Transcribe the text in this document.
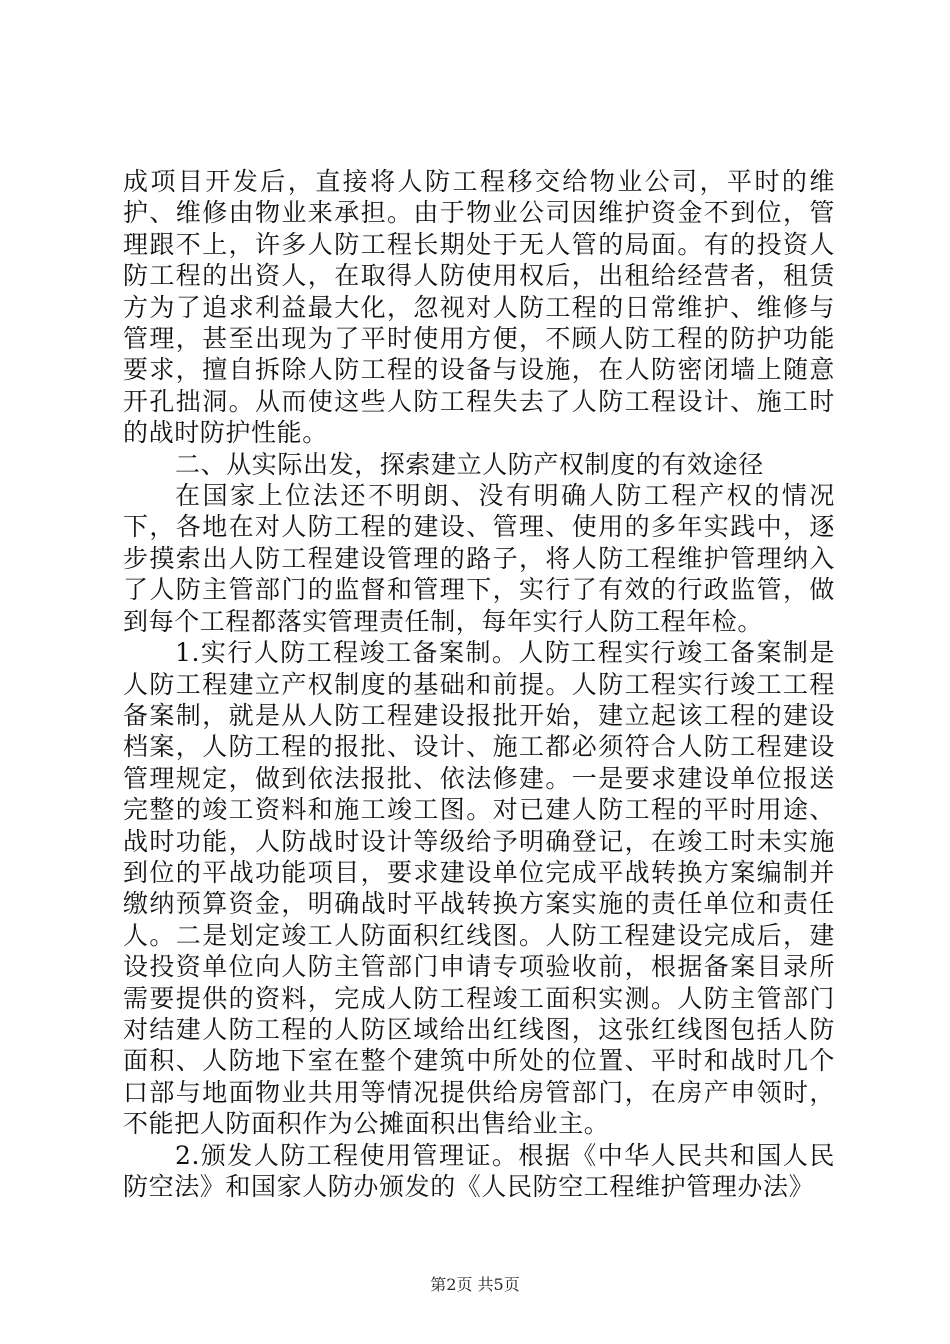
成项目开发后，直接将人防工程移交给物业公司，平时的维护、维修由物业来承担。由于物业公司因维护资金不到位，管理跟不上，许多人防工程长期处于无人管的局面。有的投资人防工程的出资人，在取得人防使用权后，出租给经营者，租赁方为了追求利益最大化，忽视对人防工程的日常维护、维修与管理，甚至出现为了平时使用方便，不顾人防工程的防护功能要求，擅自拆除人防工程的设备与设施，在人防密闭墙上随意开孔拙洞。从而使这些人防工程失去了人防工程设计、施工时的战时防护性能。

二、从实际出发，探索建立人防产权制度的有效途径

在国家上位法还不明朗、没有明确人防工程产权的情况下，各地在对人防工程的建设、管理、使用的多年实践中，逐步摸索出人防工程建设管理的路子，将人防工程维护管理纳入了人防主管部门的监督和管理下，实行了有效的行政监管，做到每个工程都落实管理责任制，每年实行人防工程年检。

1.实行人防工程竣工备案制。人防工程实行竣工备案制是人防工程建立产权制度的基础和前提。人防工程实行竣工工程备案制，就是从人防工程建设报批开始，建立起该工程的建设档案，人防工程的报批、设计、施工都必须符合人防工程建设管理规定，做到依法报批、依法修建。一是要求建设单位报送完整的竣工资料和施工竣工图。对已建人防工程的平时用途、战时功能，人防战时设计等级给予明确登记，在竣工时未实施到位的平战功能项目，要求建设单位完成平战转换方案编制并缴纳预算资金，明确战时平战转换方案实施的责任单位和责任人。二是划定竣工人防面积红线图。人防工程建设完成后，建设投资单位向人防主管部门申请专项验收前，根据备案目录所需要提供的资料，完成人防工程竣工面积实测。人防主管部门对结建人防工程的人防区域给出红线图，这张红线图包括人防面积、人防地下室在整个建筑中所处的位置、平时和战时几个口部与地面物业共用等情况提供给房管部门，在房产申领时，不能把人防面积作为公摊面积出售给业主。

2.颁发人防工程使用管理证。根据《中华人民共和国人民防空法》和国家人防办颁发的《人民防空工程维护管理办法》

第2页 共5页
